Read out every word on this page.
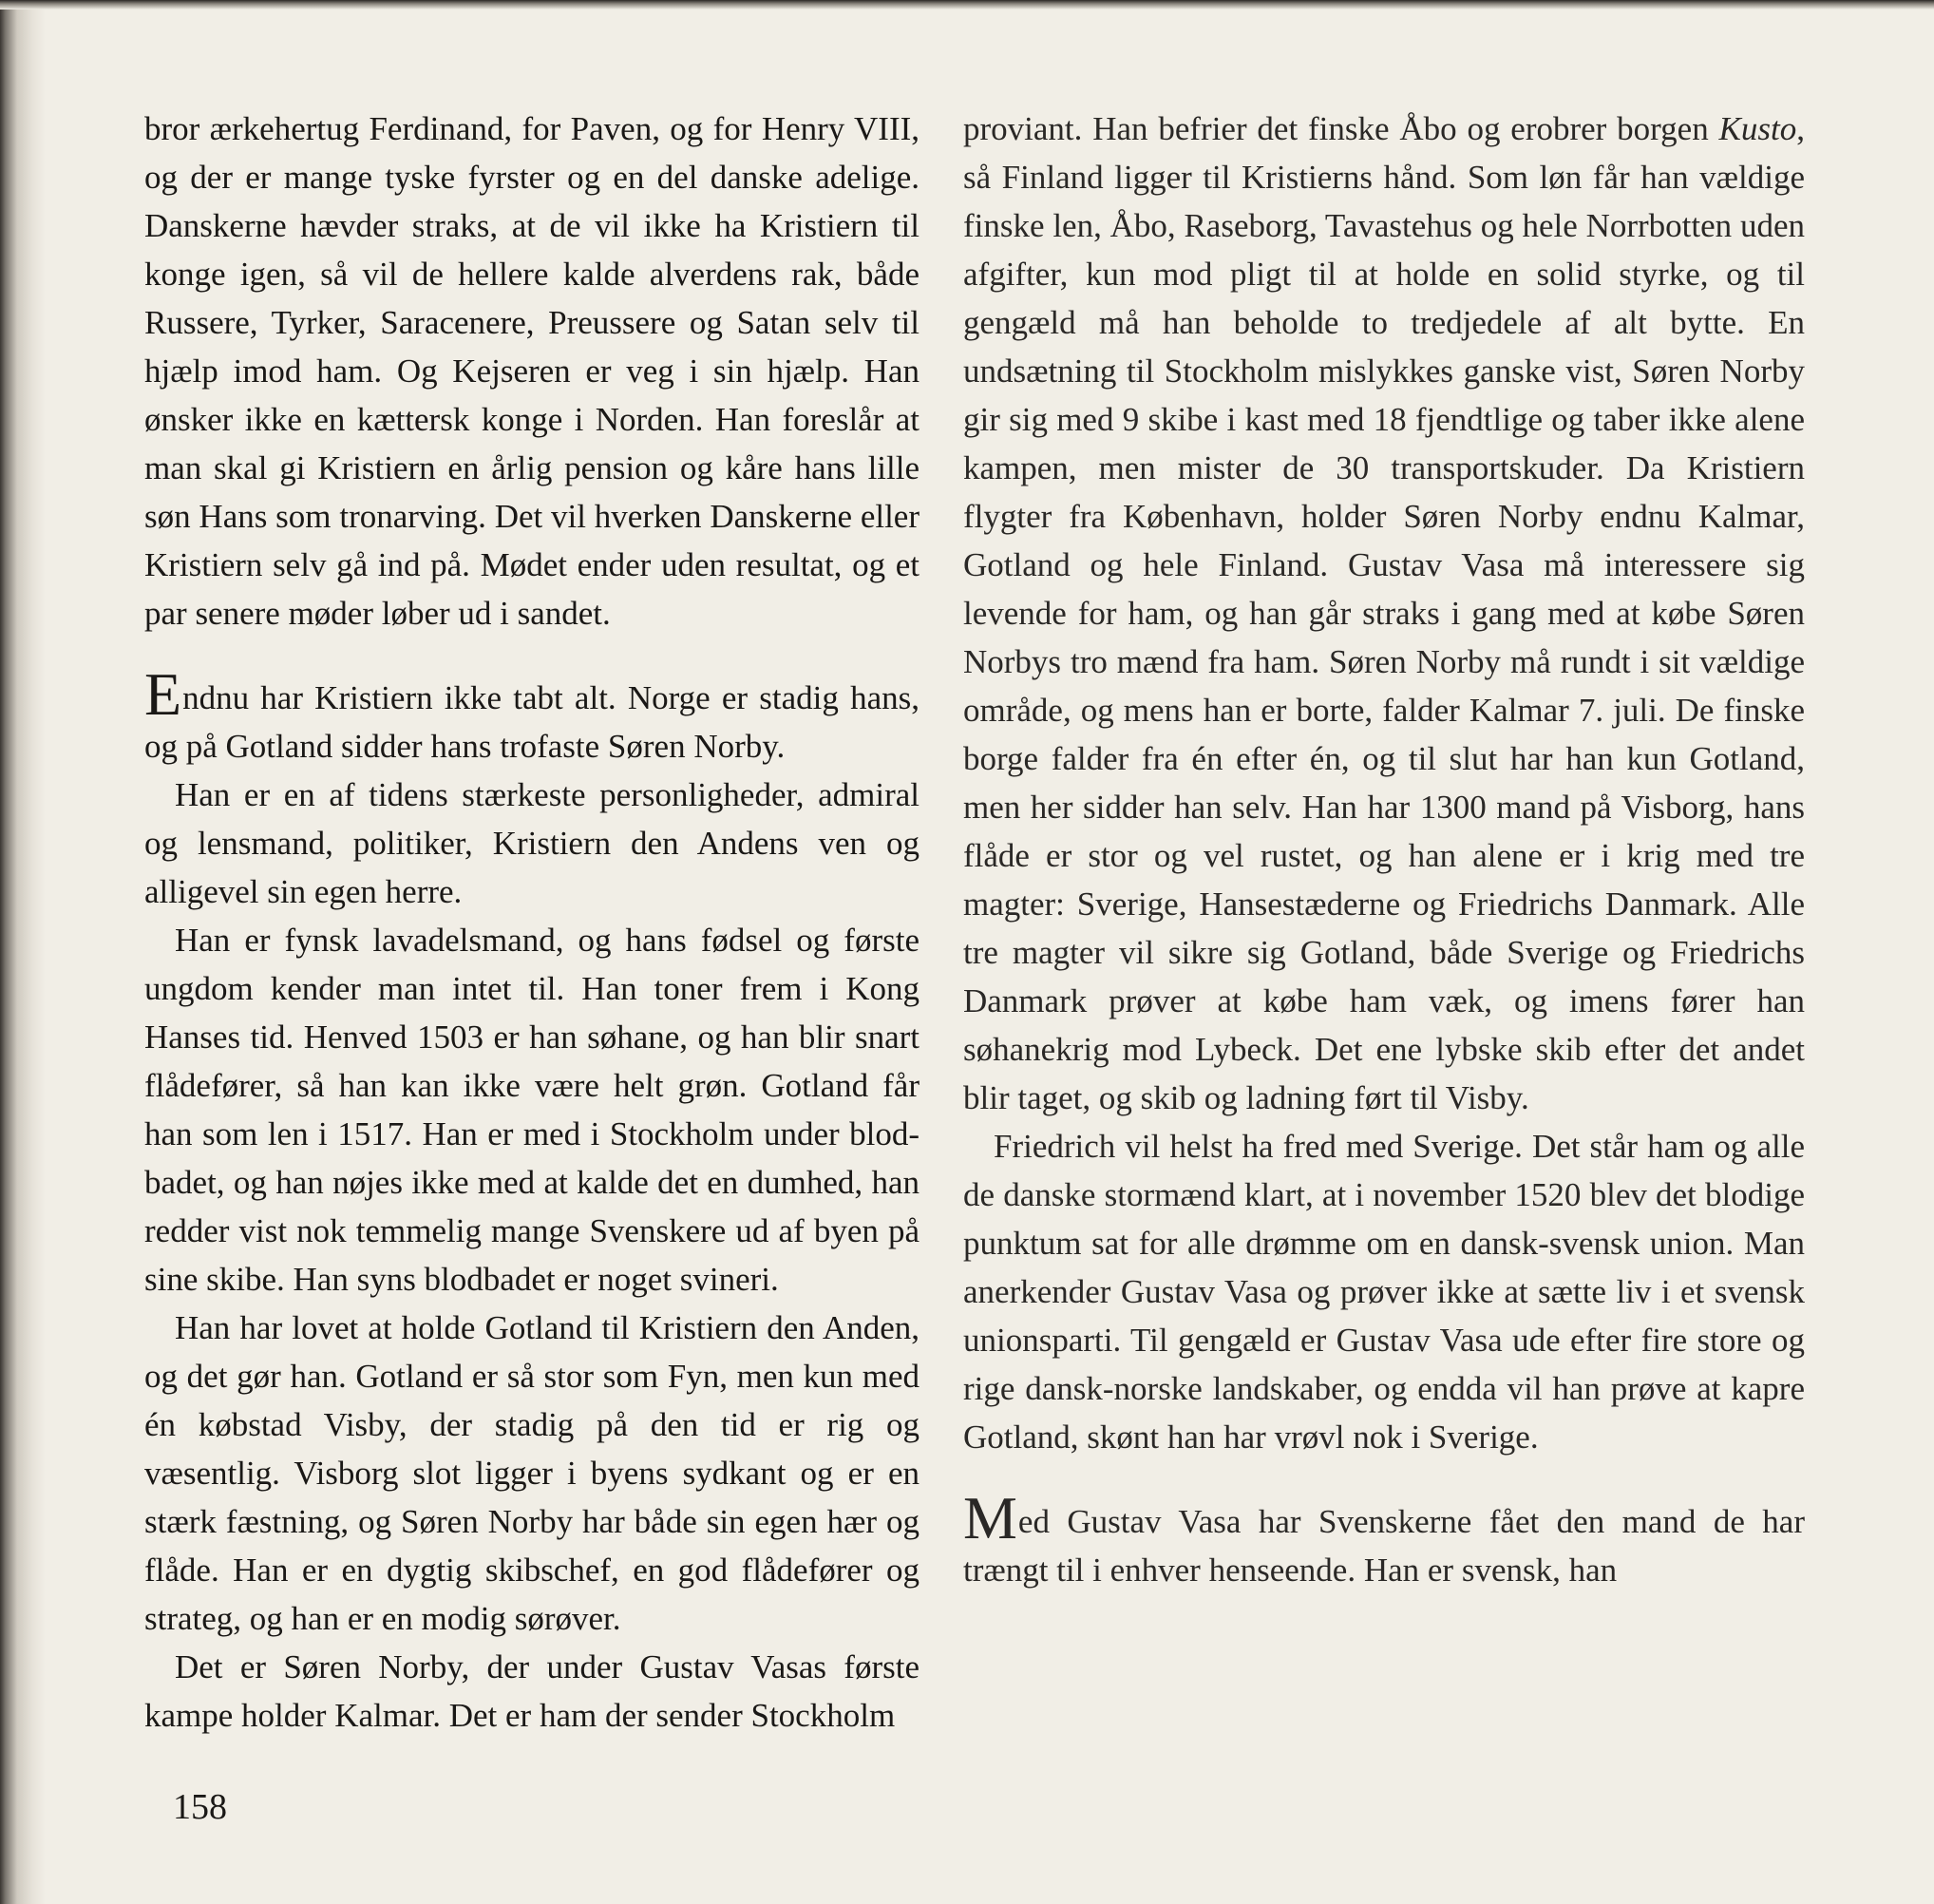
bror ærkehertug Ferdinand, for Paven, og for Henry VIII, og der er mange tyske fyrster og en del danske adelige. Danskerne hævder straks, at de vil ikke ha Kristiern til konge igen, så vil de hellere kalde alverdens rak, både Russere, Tyrker, Saracenere, Preussere og Satan selv til hjælp imod ham. Og Kejseren er veg i sin hjælp. Han ønsker ikke en kættersk konge i Norden. Han foreslår at man skal gi Kristiern en årlig pension og kåre hans lille søn Hans som tronarving. Det vil hverken Danskerne eller Kristiern selv gå ind på. Mødet ender uden resultat, og et par senere møder løber ud i sandet.

Endnu har Kristiern ikke tabt alt. Norge er stadig hans, og på Gotland sidder hans trofaste Søren Norby.

Han er en af tidens stærkeste personligheder, admiral og lensmand, politiker, Kristiern den Andens ven og alligevel sin egen herre.

Han er fynsk lavadelsmand, og hans fødsel og første ungdom kender man intet til. Han toner frem i Kong Hanses tid. Henved 1503 er han søhane, og han blir snart flådefører, så han kan ikke være helt grøn. Gotland får han som len i 1517. Han er med i Stockholm under blodbadet, og han nøjes ikke med at kalde det en dumhed, han redder vist nok temmelig mange Svenskere ud af byen på sine skibe. Han syns blodbadet er noget svineri.

Han har lovet at holde Gotland til Kristiern den Anden, og det gør han. Gotland er så stor som Fyn, men kun med én købstad Visby, der stadig på den tid er rig og væsentlig. Visborg slot ligger i byens sydkant og er en stærk fæstning, og Søren Norby har både sin egen hær og flåde. Han er en dygtig skibschef, en god flådefører og strateg, og han er en modig sørøver.

Det er Søren Norby, der under Gustav Vasas første kampe holder Kalmar. Det er ham der sender Stockholm

proviant. Han befrier det finske Åbo og erobrer borgen Kusto, så Finland ligger til Kristierns hånd. Som løn får han vældige finske len, Åbo, Raseborg, Tavastehus og hele Norrbotten uden afgifter, kun mod pligt til at holde en solid styrke, og til gengæld må han beholde to tredjedele af alt bytte. En undsætning til Stockholm mislykkes ganske vist, Søren Norby gir sig med 9 skibe i kast med 18 fjendtlige og taber ikke alene kampen, men mister de 30 transportskuder. Da Kristiern flygter fra København, holder Søren Norby endnu Kalmar, Gotland og hele Finland. Gustav Vasa må interessere sig levende for ham, og han går straks i gang med at købe Søren Norbys tro mænd fra ham. Søren Norby må rundt i sit vældige område, og mens han er borte, falder Kalmar 7. juli. De finske borge falder fra én efter én, og til slut har han kun Gotland, men her sidder han selv. Han har 1300 mand på Visborg, hans flåde er stor og vel rustet, og han alene er i krig med tre magter: Sverige, Hansestæderne og Friedrichs Danmark. Alle tre magter vil sikre sig Gotland, både Sverige og Friedrichs Danmark prøver at købe ham væk, og imens fører han søhanekrig mod Lybeck. Det ene lybske skib efter det andet blir taget, og skib og ladning ført til Visby.

Friedrich vil helst ha fred med Sverige. Det står ham og alle de danske stormænd klart, at i november 1520 blev det blodige punktum sat for alle drømme om en dansk-svensk union. Man anerkender Gustav Vasa og prøver ikke at sætte liv i et svensk unionsparti. Til gengæld er Gustav Vasa ude efter fire store og rige dansk-norske landskaber, og endda vil han prøve at kapre Gotland, skønt han har vrøvl nok i Sverige.

Med Gustav Vasa har Svenskerne fået den mand de har trængt til i enhver henseende. Han er svensk, han

158
